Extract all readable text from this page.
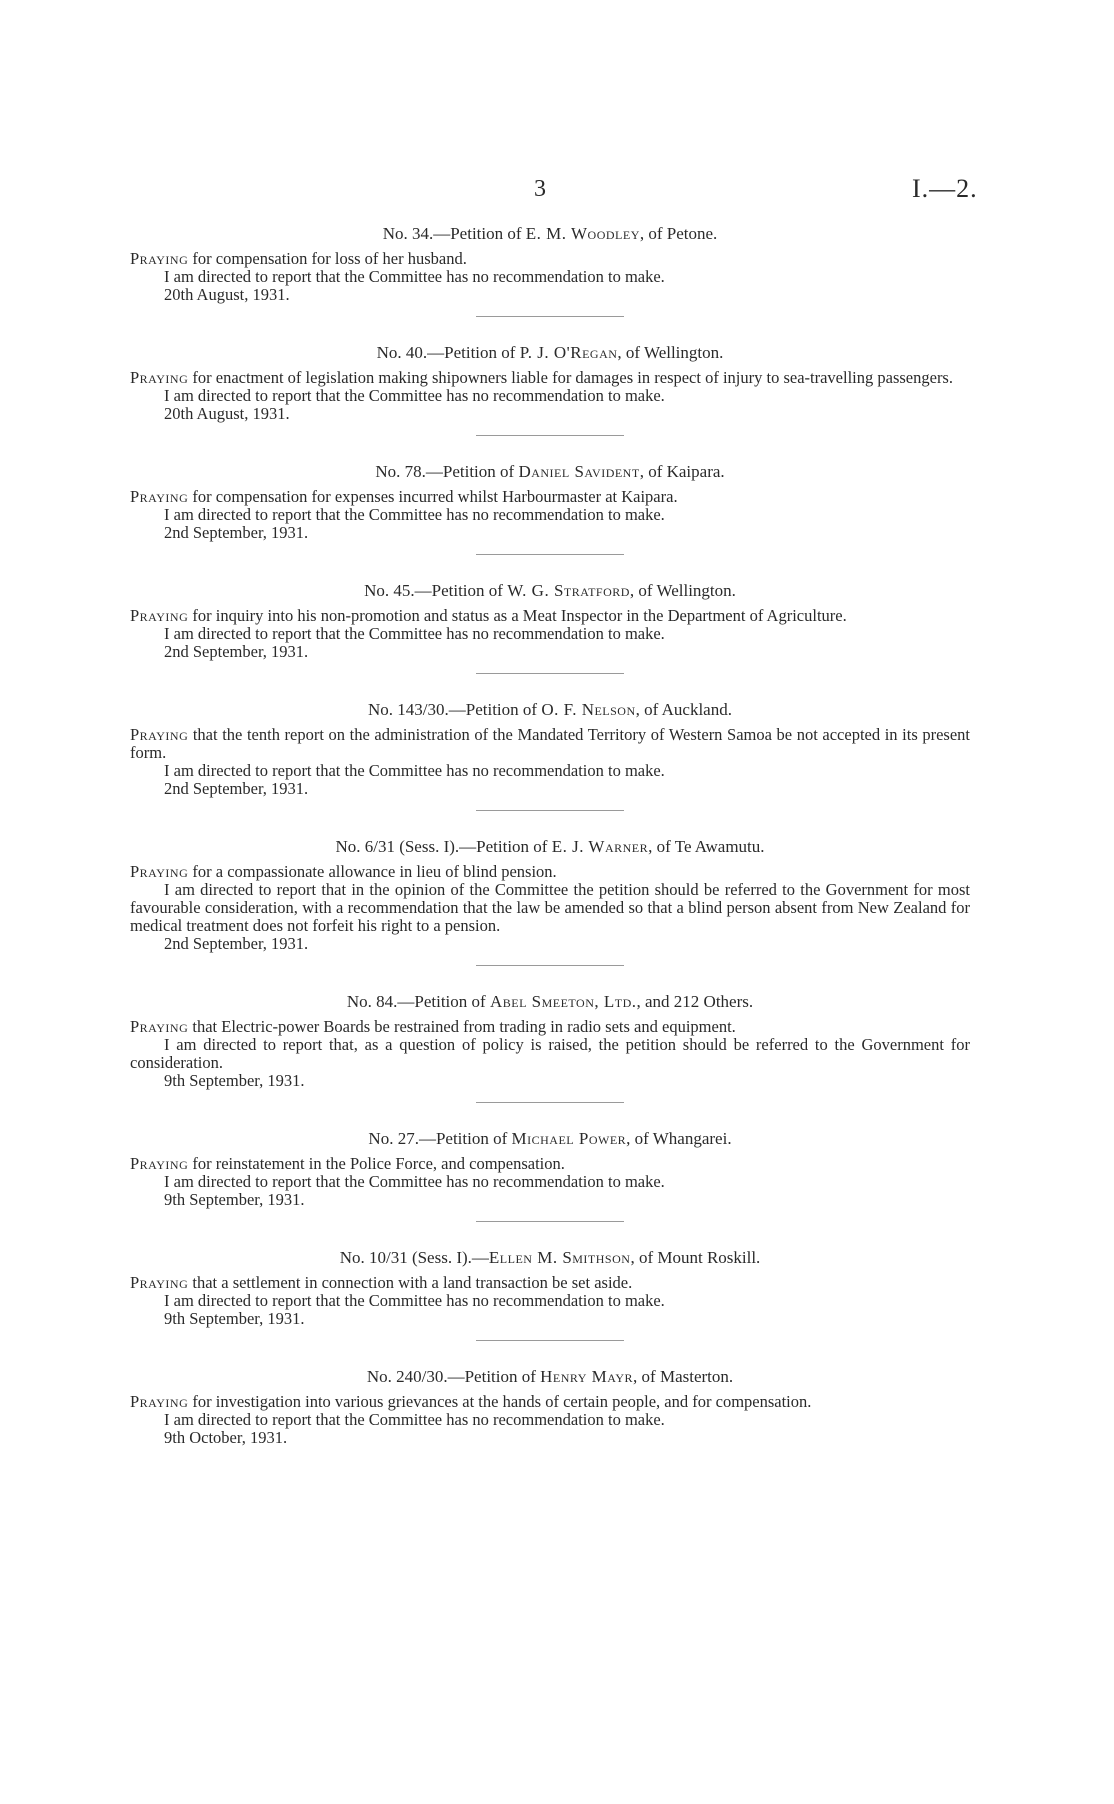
3	I.—2.

No. 34.—Petition of E. M. Woodley, of Petone.

Praying for compensation for loss of her husband.

I am directed to report that the Committee has no recommendation to make.

20th August, 1931.

No. 40.—Petition of P. J. O'Regan, of Wellington.

Praying for enactment of legislation making shipowners liable for damages in respect of injury to sea-travelling passengers.

I am directed to report that the Committee has no recommendation to make.

20th August, 1931.

No. 78.—Petition of Daniel Savident, of Kaipara.

Praying for compensation for expenses incurred whilst Harbourmaster at Kaipara.

I am directed to report that the Committee has no recommendation to make.

2nd September, 1931.

No. 45.—Petition of W. G. Stratford, of Wellington.

Praying for inquiry into his non-promotion and status as a Meat Inspector in the Department of Agriculture.

I am directed to report that the Committee has no recommendation to make.

2nd September, 1931.

No. 143/30.—Petition of O. F. Nelson, of Auckland.

Praying that the tenth report on the administration of the Mandated Territory of Western Samoa be not accepted in its present form.

I am directed to report that the Committee has no recommendation to make.

2nd September, 1931.

No. 6/31 (Sess. I).—Petition of E. J. Warner, of Te Awamutu.

Praying for a compassionate allowance in lieu of blind pension.

I am directed to report that in the opinion of the Committee the petition should be referred to the Government for most favourable consideration, with a recommendation that the law be amended so that a blind person absent from New Zealand for medical treatment does not forfeit his right to a pension.

2nd September, 1931.

No. 84.—Petition of Abel Smeeton, Ltd., and 212 Others.

Praying that Electric-power Boards be restrained from trading in radio sets and equipment.

I am directed to report that, as a question of policy is raised, the petition should be referred to the Government for consideration.

9th September, 1931.

No. 27.—Petition of Michael Power, of Whangarei.

Praying for reinstatement in the Police Force, and compensation.

I am directed to report that the Committee has no recommendation to make.

9th September, 1931.

No. 10/31 (Sess. I).—Ellen M. Smithson, of Mount Roskill.

Praying that a settlement in connection with a land transaction be set aside.

I am directed to report that the Committee has no recommendation to make.

9th September, 1931.

No. 240/30.—Petition of Henry Mayr, of Masterton.

Praying for investigation into various grievances at the hands of certain people, and for compensation.

I am directed to report that the Committee has no recommendation to make.

9th October, 1931.
